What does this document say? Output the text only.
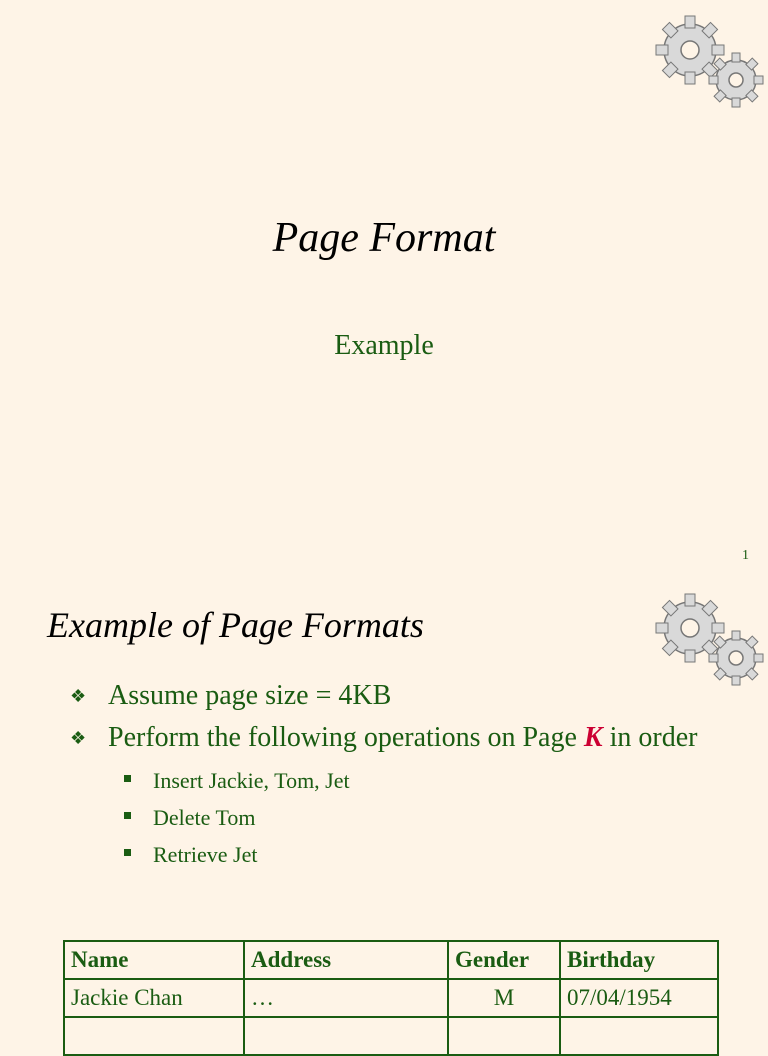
Page Format
Example
1
Example of Page Formats
❖ Assume page size = 4KB
❖ Perform the following operations on Page K in order
Insert Jackie, Tom, Jet
Delete Tom
Retrieve Jet
Name	Address	Gender	Birthday
Jackie Chan	…	M	07/04/1954
